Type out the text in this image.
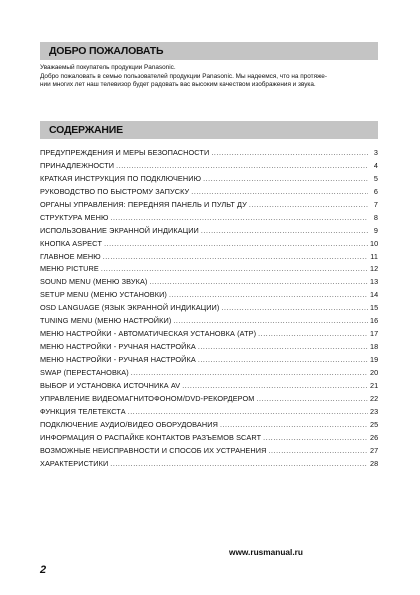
ДОБРО ПОЖАЛОВАТЬ
Уважаемый покупатель продукции Panasonic.
Добро пожаловать в семью пользователей продукции Panasonic. Мы надеемся, что на протяже-
нии многих лет наш телевизор будет радовать вас высоким качеством изображения и звука.
СОДЕРЖАНИЕ
ПРЕДУПРЕЖДЕНИЯ И МЕРЫ БЕЗОПАСНОСТИ .....	3
ПРИНАДЛЕЖНОСТИ .....	4
КРАТКАЯ ИНСТРУКЦИЯ ПО ПОДКЛЮЧЕНИЮ .....	5
РУКОВОДСТВО ПО БЫСТРОМУ ЗАПУСКУ .....	6
ОРГАНЫ УПРАВЛЕНИЯ: ПЕРЕДНЯЯ ПАНЕЛЬ И ПУЛЬТ ДУ .....	7
СТРУКТУРА МЕНЮ .....	8
ИСПОЛЬЗОВАНИЕ ЭКРАННОЙ ИНДИКАЦИИ .....	9
КНОПКА ASPECT .....	10
ГЛАВНОЕ МЕНЮ .....	11
МЕНЮ PICTURE .....	12
SOUND MENU (МЕНЮ ЗВУКА) .....	13
SETUP MENU (МЕНЮ УСТАНОВКИ) .....	14
OSD LANGUAGE (ЯЗЫК ЭКРАННОЙ ИНДИКАЦИИ) .....	15
TUNING MENU (МЕНЮ НАСТРОЙКИ) .....	16
МЕНЮ НАСТРОЙКИ - АВТОМАТИЧЕСКАЯ УСТАНОВКА (ATP) .....	17
МЕНЮ НАСТРОЙКИ - РУЧНАЯ НАСТРОЙКА .....	18
МЕНЮ НАСТРОЙКИ - РУЧНАЯ НАСТРОЙКА .....	19
SWAP (ПЕРЕСТАНОВКА) .....	20
ВЫБОР И УСТАНОВКА ИСТОЧНИКА AV .....	21
УПРАВЛЕНИЕ ВИДЕОМАГНИТОФОНОМ/DVD-РЕКОРДЕРОМ .....	22
ФУНКЦИЯ ТЕЛЕТЕКСТА .....	23
ПОДКЛЮЧЕНИЕ АУДИО/ВИДЕО ОБОРУДОВАНИЯ .....	25
ИНФОРМАЦИЯ О РАСПАЙКЕ КОНТАКТОВ РАЗЪЕМОВ SCART .....	26
ВОЗМОЖНЫЕ НЕИСПРАВНОСТИ И СПОСОБ ИХ УСТРАНЕНИЯ .....	27
ХАРАКТЕРИСТИКИ .....	28
www.rusmanual.ru
2
